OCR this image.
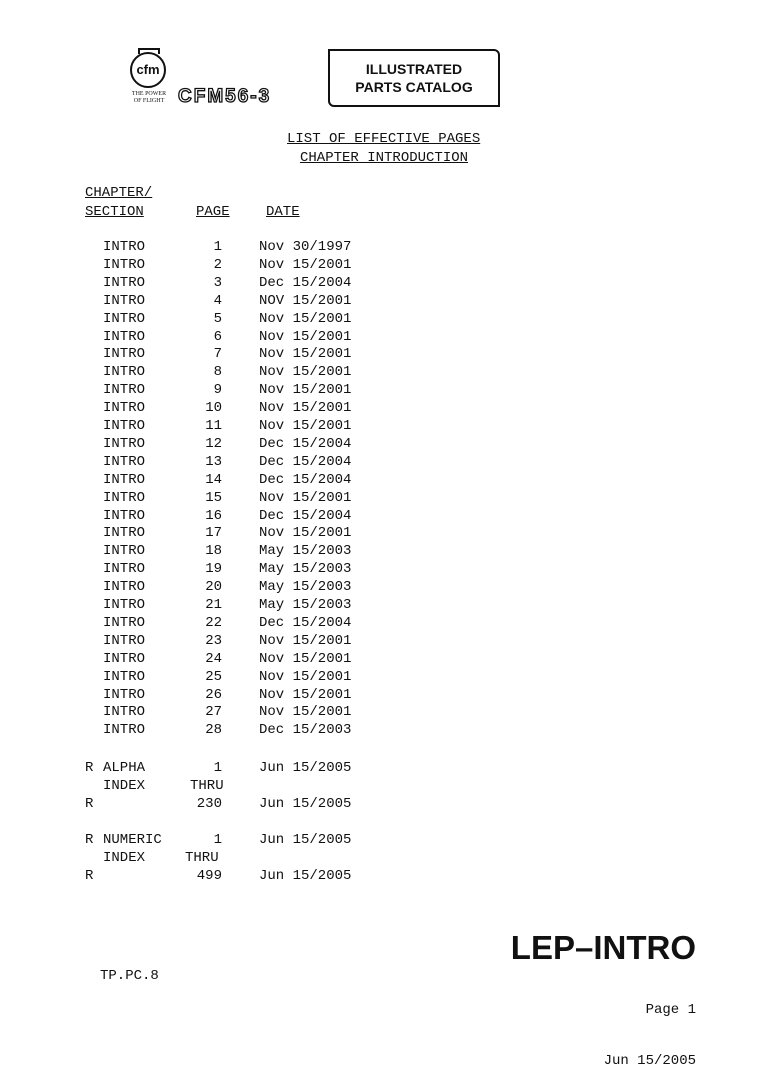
cfm
THE POWER
OF FLIGHT CFM56-3
ILLUSTRATED
PARTS CATALOG
LIST OF EFFECTIVE PAGES
CHAPTER INTRODUCTION
CHAPTER/
SECTION	PAGE	DATE
INTRO	1	Nov 30/1997
INTRO	2	Nov 15/2001
INTRO	3	Dec 15/2004
INTRO	4	NOV 15/2001
INTRO	5	Nov 15/2001
INTRO	6	Nov 15/2001
INTRO	7	Nov 15/2001
INTRO	8	Nov 15/2001
INTRO	9	Nov 15/2001
INTRO	10	Nov 15/2001
INTRO	11	Nov 15/2001
INTRO	12	Dec 15/2004
INTRO	13	Dec 15/2004
INTRO	14	Dec 15/2004
INTRO	15	Nov 15/2001
INTRO	16	Dec 15/2004
INTRO	17	Nov 15/2001
INTRO	18	May 15/2003
INTRO	19	May 15/2003
INTRO	20	May 15/2003
INTRO	21	May 15/2003
INTRO	22	Dec 15/2004
INTRO	23	Nov 15/2001
INTRO	24	Nov 15/2001
INTRO	25	Nov 15/2001
INTRO	26	Nov 15/2001
INTRO	27	Nov 15/2001
INTRO	28	Dec 15/2003
R ALPHA	1	Jun 15/2005
INDEX	THRU
R	230	Jun 15/2005
R NUMERIC	1	Jun 15/2005
INDEX	THRU
R	499	Jun 15/2005
LEP–INTRO
TP.PC.8

Page 1

Jun 15/2005
